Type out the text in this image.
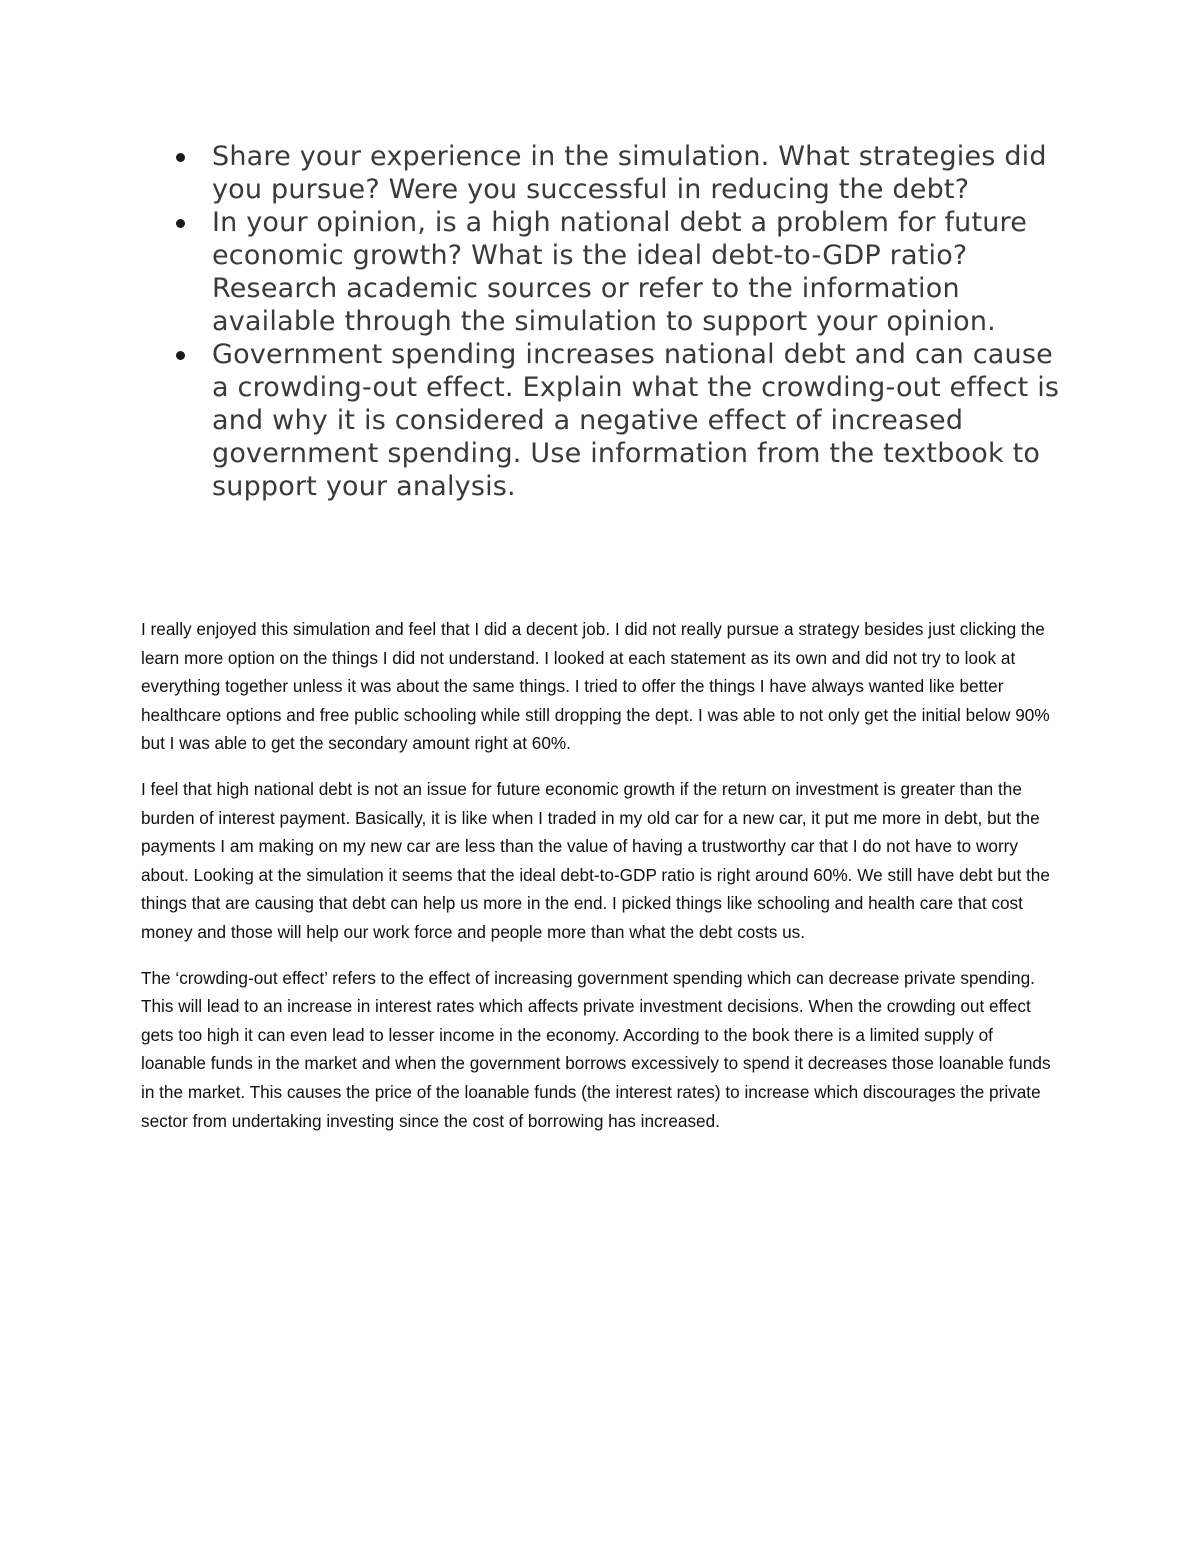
Share your experience in the simulation. What strategies did you pursue? Were you successful in reducing the debt?
In your opinion, is a high national debt a problem for future economic growth? What is the ideal debt-to-GDP ratio? Research academic sources or refer to the information available through the simulation to support your opinion.
Government spending increases national debt and can cause a crowding-out effect. Explain what the crowding-out effect is and why it is considered a negative effect of increased government spending. Use information from the textbook to support your analysis.

I really enjoyed this simulation and feel that I did a decent job. I did not really pursue a strategy besides just clicking the learn more option on the things I did not understand. I looked at each statement as its own and did not try to look at everything together unless it was about the same things. I tried to offer the things I have always wanted like better healthcare options and free public schooling while still dropping the dept. I was able to not only get the initial below 90% but I was able to get the secondary amount right at 60%.

I feel that high national debt is not an issue for future economic growth if the return on investment is greater than the burden of interest payment. Basically, it is like when I traded in my old car for a new car, it put me more in debt, but the payments I am making on my new car are less than the value of having a trustworthy car that I do not have to worry about. Looking at the simulation it seems that the ideal debt-to-GDP ratio is right around 60%. We still have debt but the things that are causing that debt can help us more in the end. I picked things like schooling and health care that cost money and those will help our work force and people more than what the debt costs us.

The ‘crowding-out effect’ refers to the effect of increasing government spending which can decrease private spending. This will lead to an increase in interest rates which affects private investment decisions. When the crowding out effect gets too high it can even lead to lesser income in the economy. According to the book there is a limited supply of loanable funds in the market and when the government borrows excessively to spend it decreases those loanable funds in the market. This causes the price of the loanable funds (the interest rates) to increase which discourages the private sector from undertaking investing since the cost of borrowing has increased.
